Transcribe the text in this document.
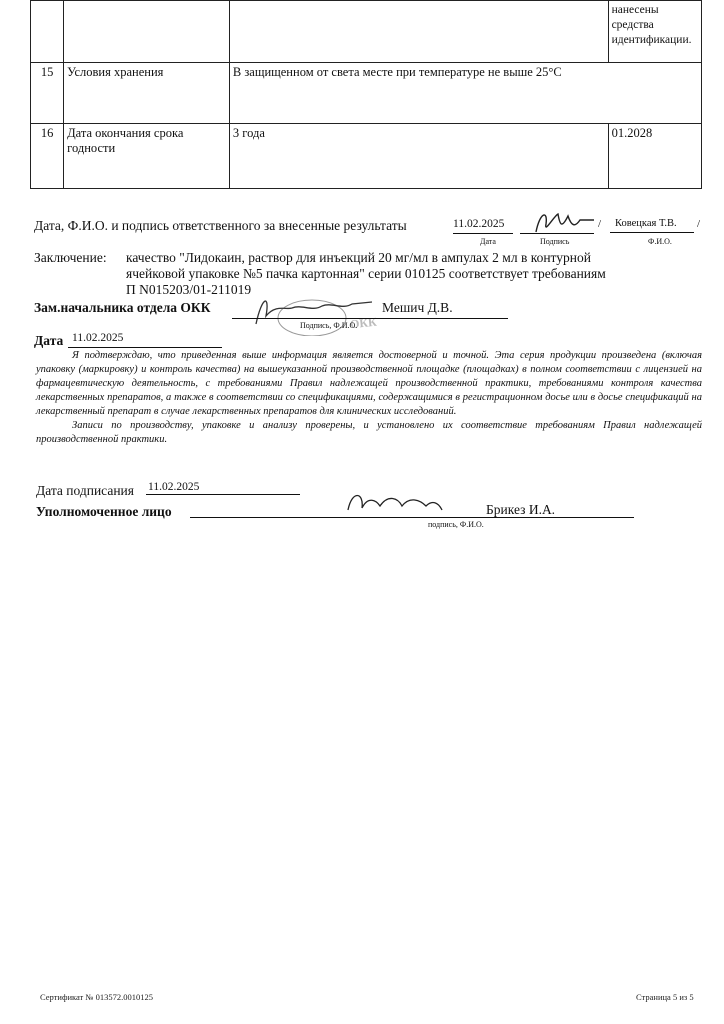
			нанесены средства идентификации.
15	Условия хранения	В защищенном от света месте при температуре не выше 25°С	
16	Дата окончания срока годности	3 года	01.2028
Дата, Ф.И.О. и подпись ответственного за внесенные результаты	11.02.2025	/ Ковецкая Т.В. /
Дата	Подпись	Ф.И.О.
Заключение: качество "Лидокаин, раствор для инъекций 20 мг/мл в ампулах 2 мл в контурной
ячейковой упаковке №5 пачка картонная" серии 010125 соответствует требованиям
П N015203/01-211019
Зам.начальника отдела ОКК
ОКК
Мешич Д.В.
Подпись, Ф.И.О.
Дата 11.02.2025

Я подтверждаю, что приведенная выше информация является достоверной и точной. Эта серия продукции произведена (включая упаковку (маркировку) и контроль качества) на вышеуказанной производственной площадке (площадках) в полном соответствии с лицензией на фармацевтическую деятельность, с требованиями Правил надлежащей производственной практики, требованиями контроля качества лекарственных препаратов, а также в соответствии со спецификациями, содержащимися в регистрационном досье или в досье спецификаций на лекарственный препарат в случае лекарственных препаратов для клинических исследований.

Записи по производству, упаковке и анализу проверены, и установлено их соответствие требованиям Правил надлежащей производственной практики.

Дата подписания 11.02.2025
Уполномоченное лицо	Брикез И.А.
подпись, Ф.И.О.
Сертификат № 013572.0010125	Страница 5 из 5
